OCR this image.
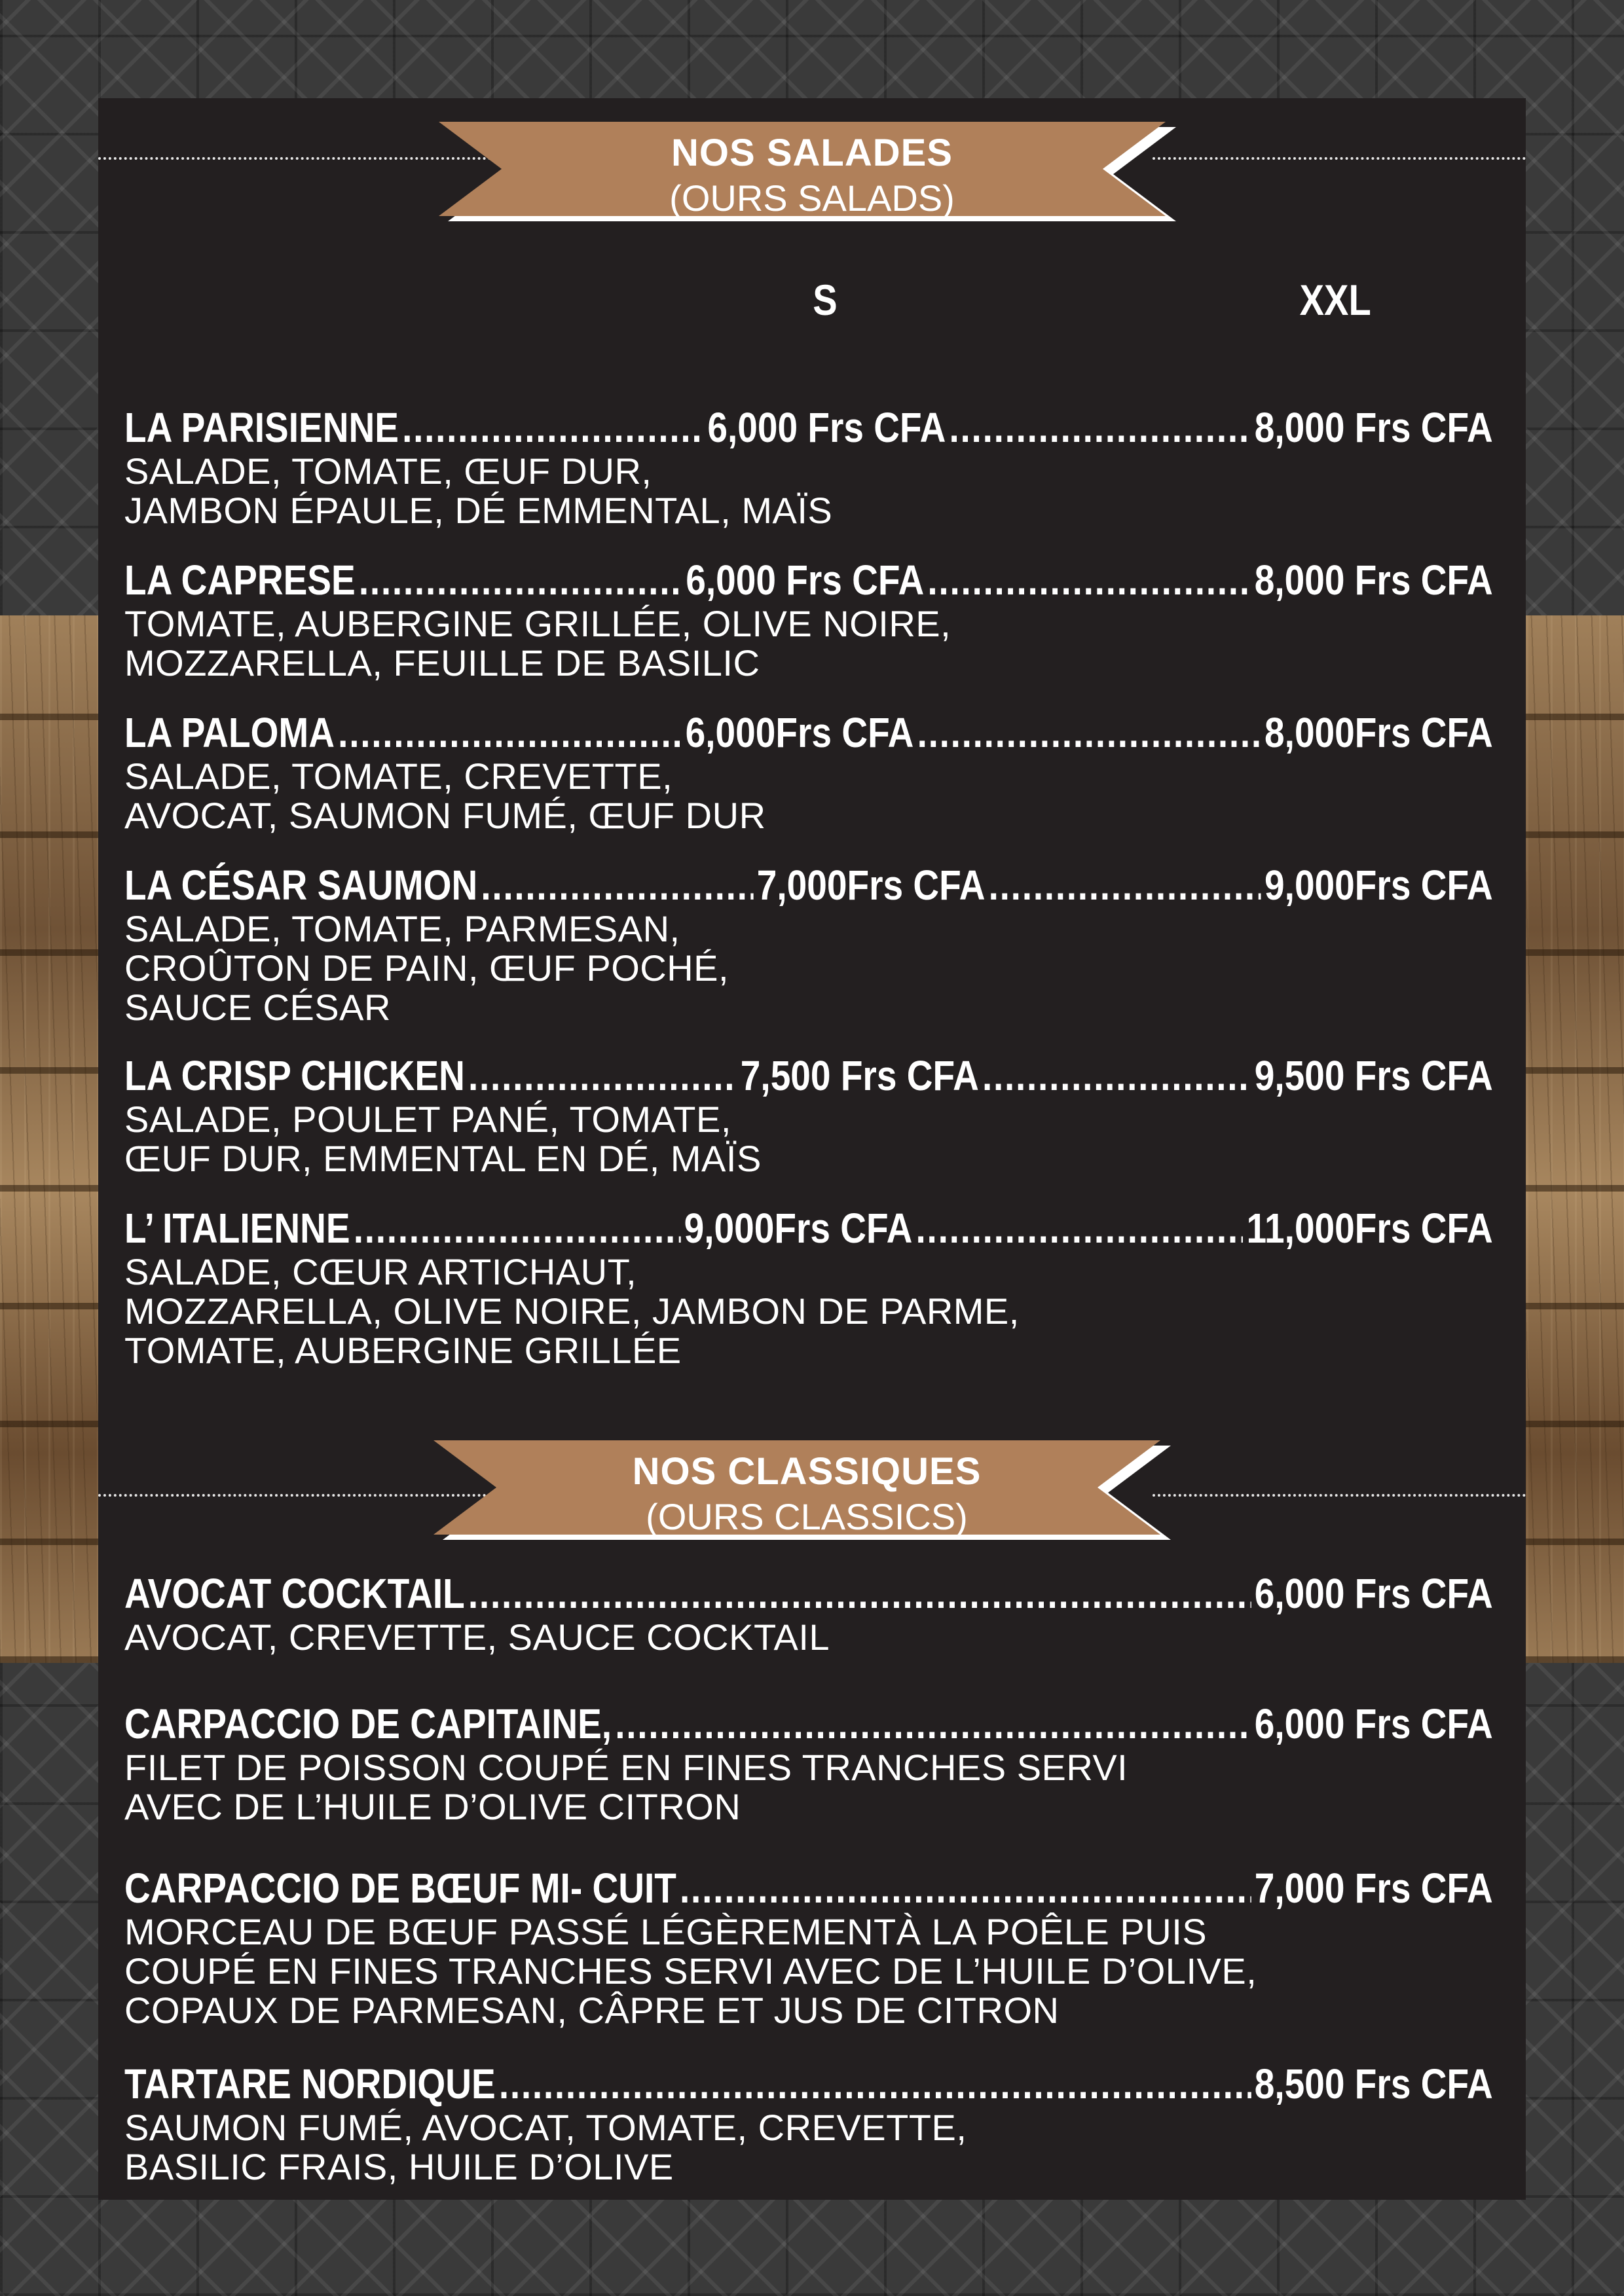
NOS SALADES
(OURS SALADS)
S	XXL
LA PARISIENNE .....	6,000 Frs CFA .....	8,000 Frs CFA
SALADE, TOMATE, ŒUF DUR,
JAMBON ÉPAULE, DÉ EMMENTAL, MAÏS
LA CAPRESE .....	6,000 Frs CFA .....	8,000 Frs CFA
TOMATE, AUBERGINE GRILLÉE, OLIVE NOIRE,
MOZZARELLA, FEUILLE DE BASILIC
LA PALOMA .....	6,000Frs CFA .....	8,000Frs CFA
SALADE, TOMATE, CREVETTE,
AVOCAT, SAUMON FUMÉ, ŒUF DUR
LA CÉSAR SAUMON .....	7,000Frs CFA .....	9,000Frs CFA
SALADE, TOMATE, PARMESAN,
CROÛTON DE PAIN, ŒUF POCHÉ,
SAUCE CÉSAR
LA CRISP CHICKEN .....	7,500 Frs CFA .....	9,500 Frs CFA
SALADE, POULET PANÉ, TOMATE,
ŒUF DUR, EMMENTAL EN DÉ, MAÏS
L’ ITALIENNE .....	9,000Frs CFA .....	11,000Frs CFA
SALADE, CŒUR ARTICHAUT,
MOZZARELLA, OLIVE NOIRE, JAMBON DE PARME,
TOMATE, AUBERGINE GRILLÉE
NOS CLASSIQUES
(OURS CLASSICS)
AVOCAT COCKTAIL .....	6,000 Frs CFA
AVOCAT, CREVETTE, SAUCE COCKTAIL
CARPACCIO DE CAPITAINE, .....	6,000 Frs CFA
FILET DE POISSON COUPÉ EN FINES TRANCHES SERVI
AVEC DE L’HUILE D’OLIVE CITRON
CARPACCIO DE BŒUF MI- CUIT .....	7,000 Frs CFA
MORCEAU DE BŒUF PASSÉ LÉGÈREMENTÀ LA POÊLE PUIS
COUPÉ EN FINES TRANCHES SERVI AVEC DE L’HUILE D’OLIVE,
COPAUX DE PARMESAN, CÂPRE ET JUS DE CITRON
TARTARE NORDIQUE .....	8,500 Frs CFA
SAUMON FUMÉ, AVOCAT, TOMATE, CREVETTE,
BASILIC FRAIS, HUILE D’OLIVE
